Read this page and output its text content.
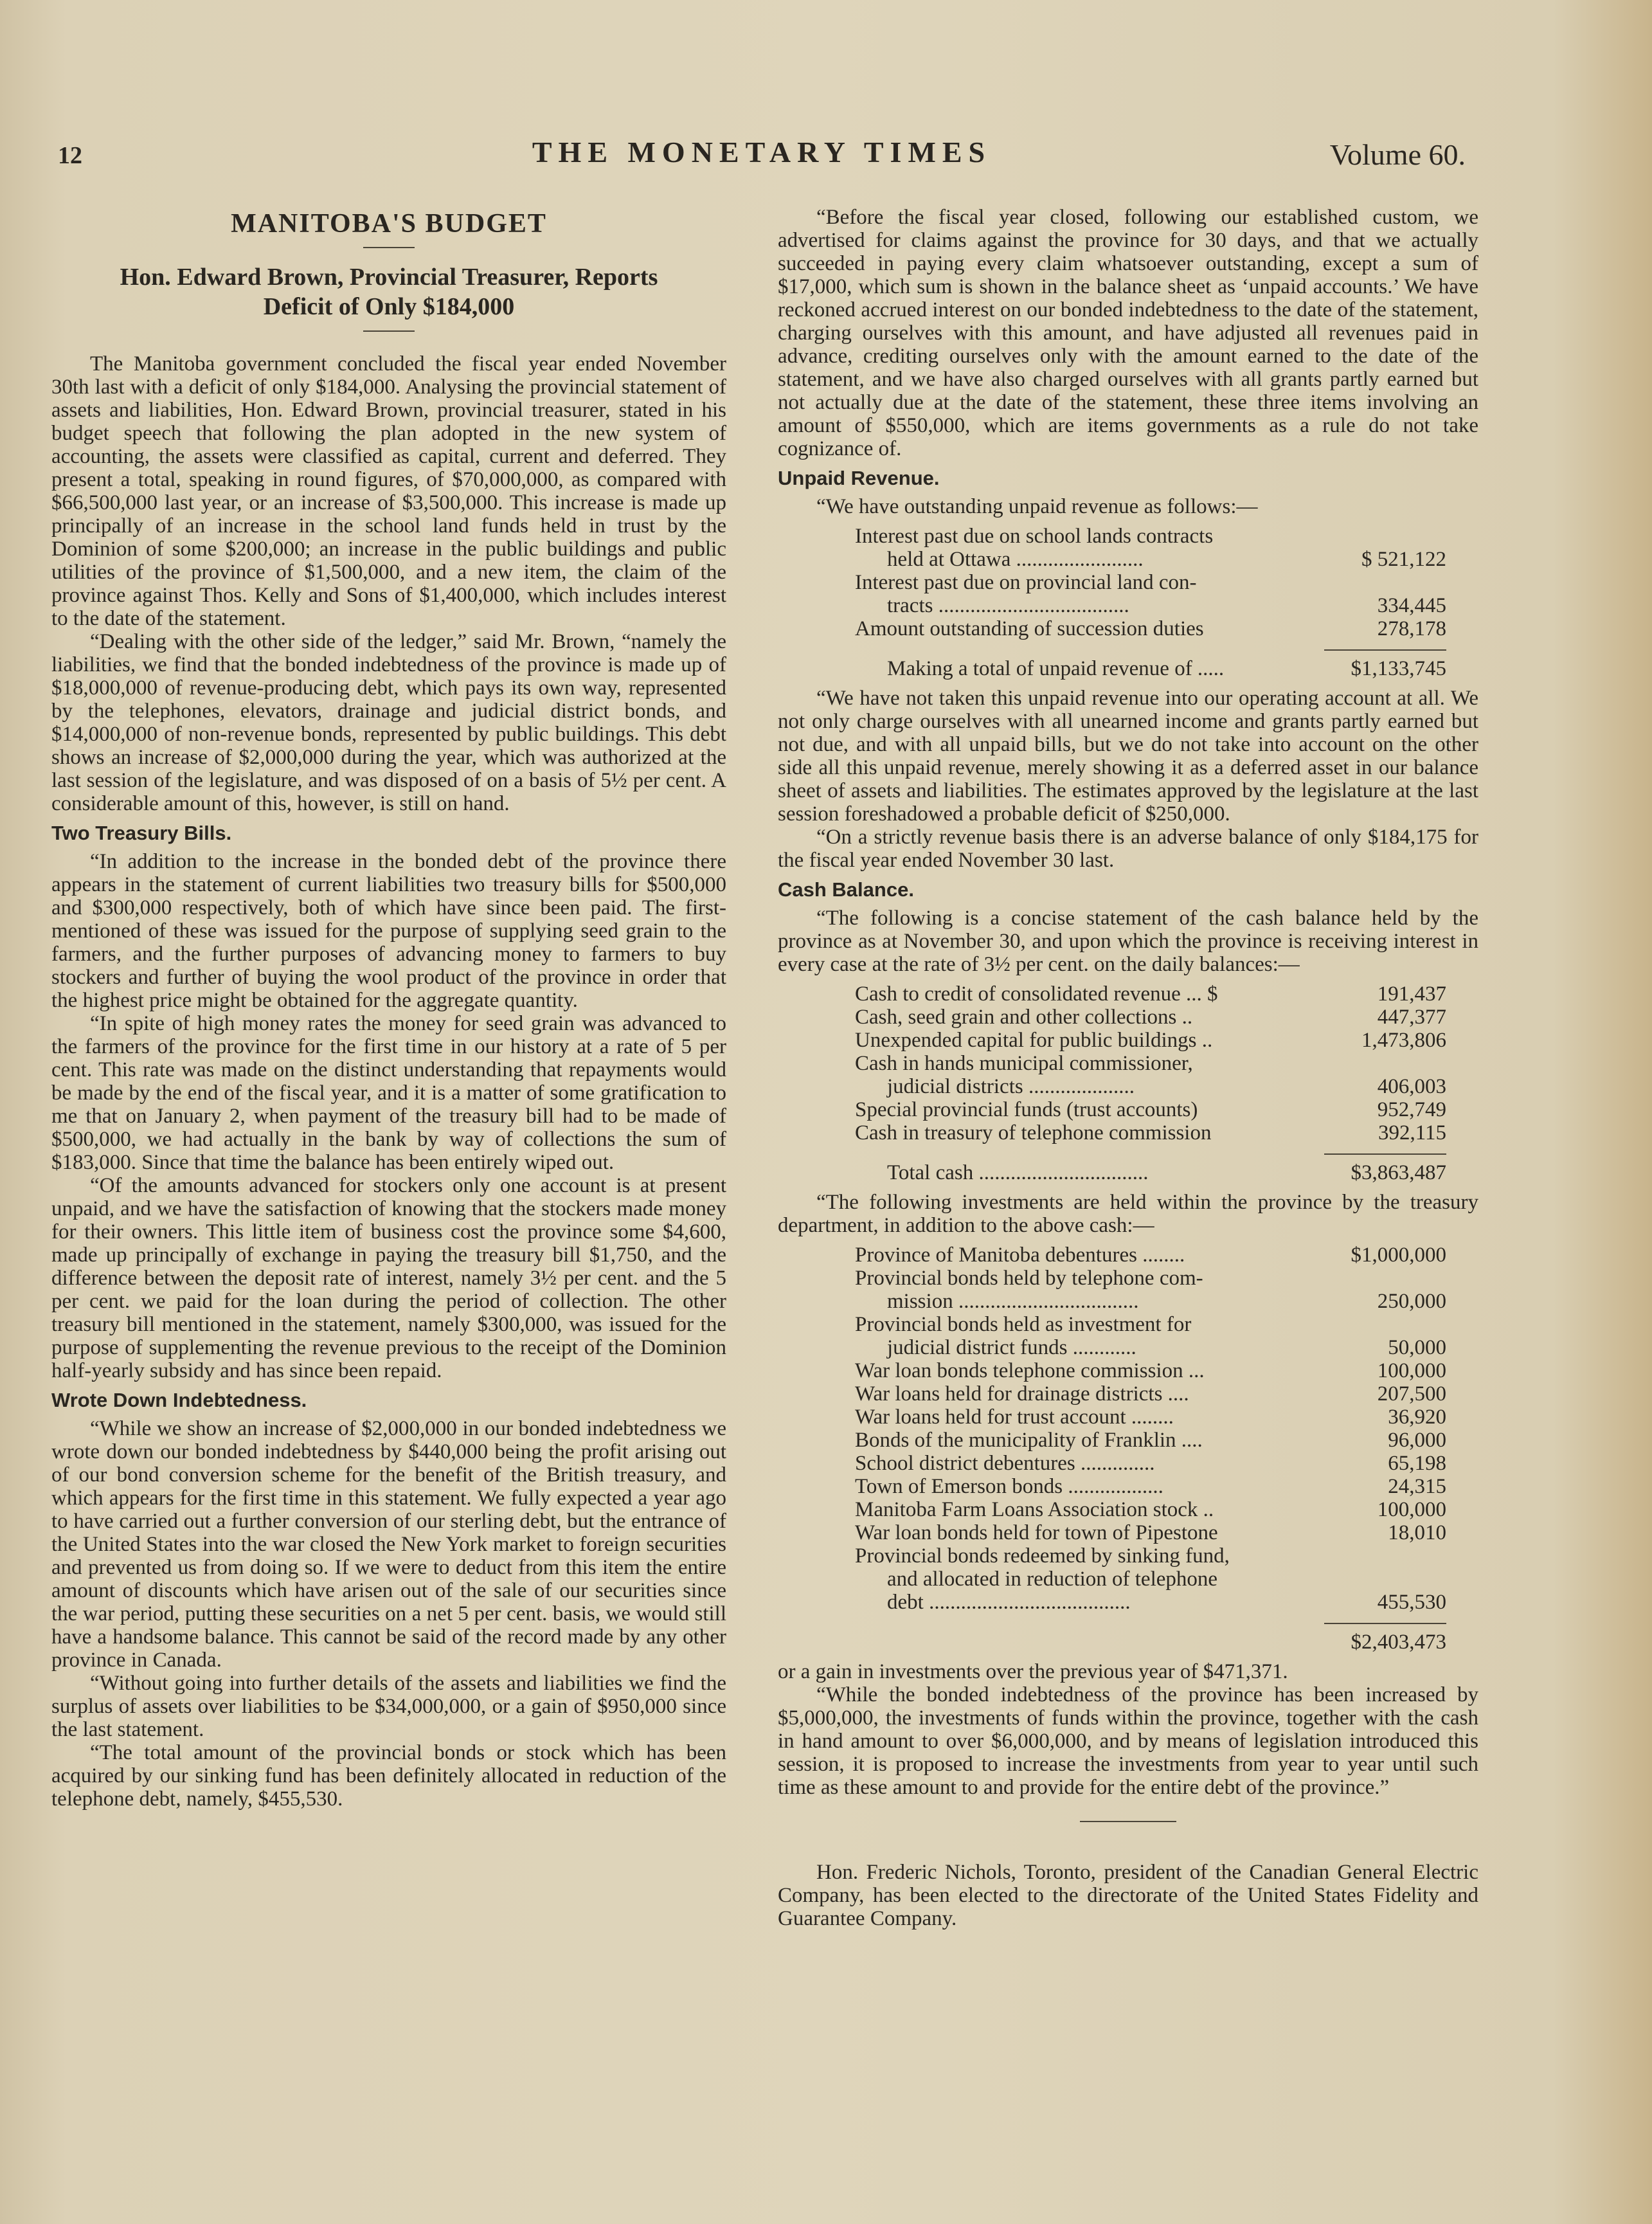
12	THE MONETARY TIMES	Volume 60.
MANITOBA'S BUDGET
Hon. Edward Brown, Provincial Treasurer, Reports
Deficit of Only $184,000

The Manitoba government concluded the fiscal year ended November 30th last with a deficit of only $184,000. Analysing the provincial statement of assets and liabilities, Hon. Edward Brown, provincial treasurer, stated in his budget speech that following the plan adopted in the new system of accounting, the assets were classified as capital, current and deferred. They present a total, speaking in round figures, of $70,000,000, as compared with $66,500,000 last year, or an increase of $3,500,000. This increase is made up principally of an increase in the school land funds held in trust by the Dominion of some $200,000; an increase in the public buildings and public utilities of the province of $1,500,000, and a new item, the claim of the province against Thos. Kelly and Sons of $1,400,000, which includes interest to the date of the statement.

“Dealing with the other side of the ledger,” said Mr. Brown, “namely the liabilities, we find that the bonded indebtedness of the province is made up of $18,000,000 of revenue-producing debt, which pays its own way, represented by the telephones, elevators, drainage and judicial district bonds, and $14,000,000 of non-revenue bonds, represented by public buildings. This debt shows an increase of $2,000,000 during the year, which was authorized at the last session of the legislature, and was disposed of on a basis of 5½ per cent. A considerable amount of this, however, is still on hand.

Two Treasury Bills.

“In addition to the increase in the bonded debt of the province there appears in the statement of current liabilities two treasury bills for $500,000 and $300,000 respectively, both of which have since been paid. The first-mentioned of these was issued for the purpose of supplying seed grain to the farmers, and the further purposes of advancing money to farmers to buy stockers and further of buying the wool product of the province in order that the highest price might be obtained for the aggregate quantity.

“In spite of high money rates the money for seed grain was advanced to the farmers of the province for the first time in our history at a rate of 5 per cent. This rate was made on the distinct understanding that repayments would be made by the end of the fiscal year, and it is a matter of some gratification to me that on January 2, when payment of the treasury bill had to be made of $500,000, we had actually in the bank by way of collections the sum of $183,000. Since that time the balance has been entirely wiped out.

“Of the amounts advanced for stockers only one account is at present unpaid, and we have the satisfaction of knowing that the stockers made money for their owners. This little item of business cost the province some $4,600, made up principally of exchange in paying the treasury bill $1,750, and the difference between the deposit rate of interest, namely 3½ per cent. and the 5 per cent. we paid for the loan during the period of collection. The other treasury bill mentioned in the statement, namely $300,000, was issued for the purpose of supplementing the revenue previous to the receipt of the Dominion half-yearly subsidy and has since been repaid.

Wrote Down Indebtedness.

“While we show an increase of $2,000,000 in our bonded indebtedness we wrote down our bonded indebtedness by $440,000 being the profit arising out of our bond conversion scheme for the benefit of the British treasury, and which appears for the first time in this statement. We fully expected a year ago to have carried out a further conversion of our sterling debt, but the entrance of the United States into the war closed the New York market to foreign securities and prevented us from doing so. If we were to deduct from this item the entire amount of discounts which have arisen out of the sale of our securities since the war period, putting these securities on a net 5 per cent. basis, we would still have a handsome balance. This cannot be said of the record made by any other province in Canada.

“Without going into further details of the assets and liabilities we find the surplus of assets over liabilities to be $34,000,000, or a gain of $950,000 since the last statement.

“The total amount of the provincial bonds or stock which has been acquired by our sinking fund has been definitely allocated in reduction of the telephone debt, namely, $455,530.

“Before the fiscal year closed, following our established custom, we advertised for claims against the province for 30 days, and that we actually succeeded in paying every claim whatsoever outstanding, except a sum of $17,000, which sum is shown in the balance sheet as ‘unpaid accounts.’ We have reckoned accrued interest on our bonded indebtedness to the date of the statement, charging ourselves with this amount, and have adjusted all revenues paid in advance, crediting ourselves only with the amount earned to the date of the statement, and we have also charged ourselves with all grants partly earned but not actually due at the date of the statement, these three items involving an amount of $550,000, which are items governments as a rule do not take cognizance of.

Unpaid Revenue.

“We have outstanding unpaid revenue as follows:—

Interest past due on school lands contracts
held at Ottawa ........................	$ 521,122
Interest past due on provincial land con-
tracts ....................................	334,445
Amount outstanding of succession duties	278,178
Making a total of unpaid revenue of .....	$1,133,745

“We have not taken this unpaid revenue into our operating account at all. We not only charge ourselves with all unearned income and grants partly earned but not due, and with all unpaid bills, but we do not take into account on the other side all this unpaid revenue, merely showing it as a deferred asset in our balance sheet of assets and liabilities. The estimates approved by the legislature at the last session foreshadowed a probable deficit of $250,000.

“On a strictly revenue basis there is an adverse balance of only $184,175 for the fiscal year ended November 30 last.

Cash Balance.

“The following is a concise statement of the cash balance held by the province as at November 30, and upon which the province is receiving interest in every case at the rate of 3½ per cent. on the daily balances:—

Cash to credit of consolidated revenue ... $	191,437
Cash, seed grain and other collections ..	447,377
Unexpended capital for public buildings ..	1,473,806
Cash in hands municipal commissioner,
judicial districts ....................	406,003
Special provincial funds (trust accounts)	952,749
Cash in treasury of telephone commission	392,115
Total cash ................................	$3,863,487

“The following investments are held within the province by the treasury department, in addition to the above cash:—

Province of Manitoba debentures ........	$1,000,000
Provincial bonds held by telephone com-
mission ..................................	250,000
Provincial bonds held as investment for
judicial district funds ............	50,000
War loan bonds telephone commission ...	100,000
War loans held for drainage districts ....	207,500
War loans held for trust account ........	36,920
Bonds of the municipality of Franklin ....	96,000
School district debentures ..............	65,198
Town of Emerson bonds ..................	24,315
Manitoba Farm Loans Association stock ..	100,000
War loan bonds held for town of Pipestone	18,010
Provincial bonds redeemed by sinking fund,
and allocated in reduction of telephone
debt ......................................	455,530
$2,403,473

or a gain in investments over the previous year of $471,371.

“While the bonded indebtedness of the province has been increased by $5,000,000, the investments of funds within the province, together with the cash in hand amount to over $6,000,000, and by means of legislation introduced this session, it is proposed to increase the investments from year to year until such time as these amount to and provide for the entire debt of the province.”

Hon. Frederic Nichols, Toronto, president of the Canadian General Electric Company, has been elected to the directorate of the United States Fidelity and Guarantee Company.
